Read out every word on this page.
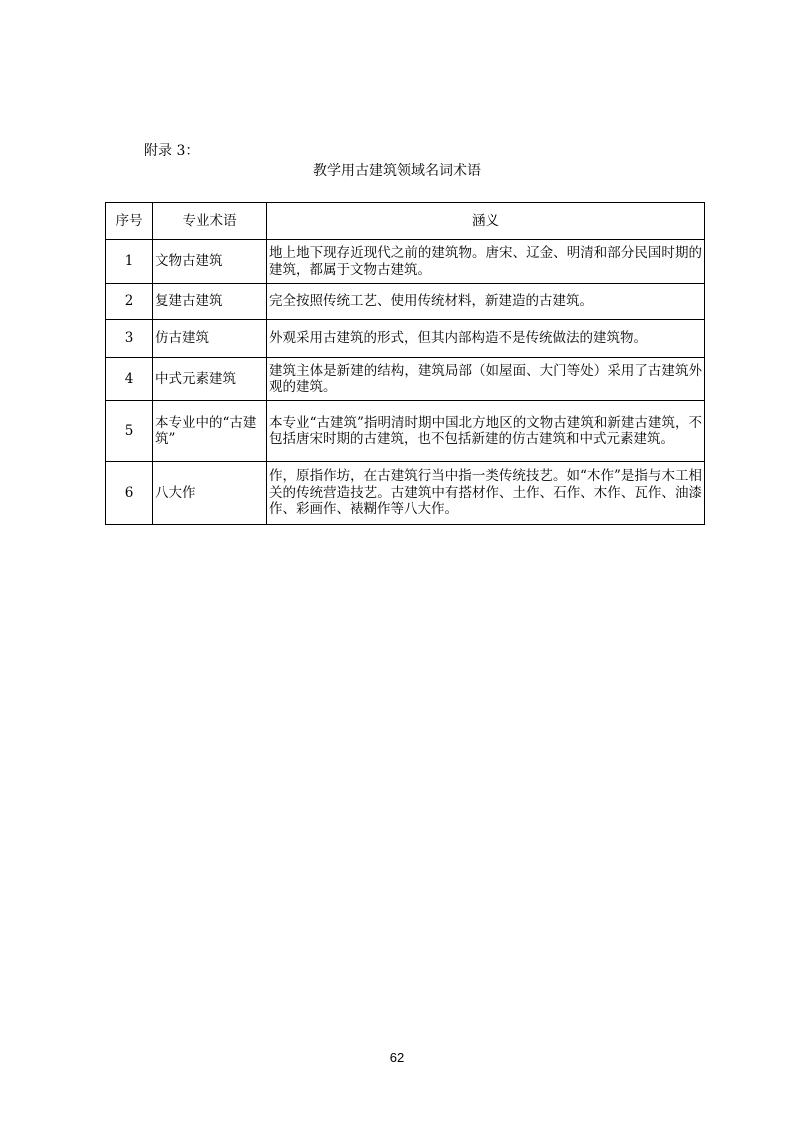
附录 3：
教学用古建筑领域名词术语
序号	专业术语	涵义
1	文物古建筑	地上地下现存近现代之前的建筑物。唐宋、辽金、明清和部分民国时期的建筑，都属于文物古建筑。
2	复建古建筑	完全按照传统工艺、使用传统材料，新建造的古建筑。
3	仿古建筑	外观采用古建筑的形式，但其内部构造不是传统做法的建筑物。
4	中式元素建筑	建筑主体是新建的结构，建筑局部（如屋面、大门等处）采用了古建筑外观的建筑。
5	本专业中的“古建筑”	本专业“古建筑”指明清时期中国北方地区的文物古建筑和新建古建筑，不包括唐宋时期的古建筑，也不包括新建的仿古建筑和中式元素建筑。
6	八大作	作，原指作坊，在古建筑行当中指一类传统技艺。如“木作”是指与木工相关的传统营造技艺。古建筑中有搭材作、土作、石作、木作、瓦作、油漆作、彩画作、裱糊作等八大作。
62
